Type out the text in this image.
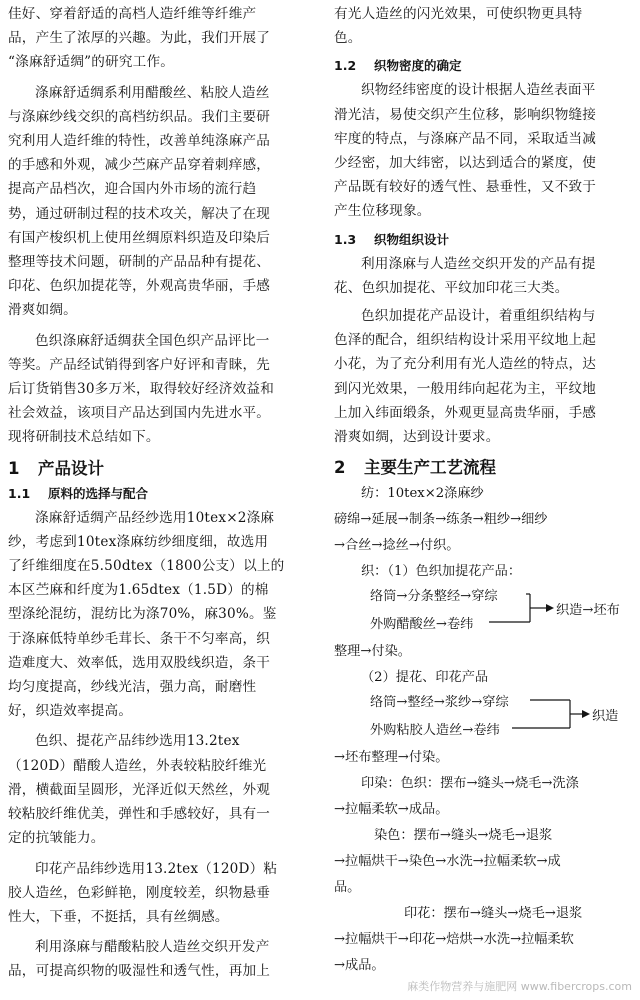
佳好、穿着舒适的高档人造纤维等纤维产
品，产生了浓厚的兴趣。为此，我们开展了
“涤麻舒适绸”的研究工作。
涤麻舒适绸系利用醋酸丝、粘胶人造丝
与涤麻纱线交织的高档纺织品。我们主要研
究利用人造纤维的特性，改善单纯涤麻产品
的手感和外观，减少苎麻产品穿着刺痒感，
提高产品档次，迎合国内外市场的流行趋
势，通过研制过程的技术攻关，解决了在现
有国产梭织机上使用丝绸原料织造及印染后
整理等技术问题，研制的产品品种有提花、
印花、色织加提花等，外观高贵华丽，手感
滑爽如绸。
色织涤麻舒适绸获全国色织产品评比一
等奖。产品经试销得到客户好评和青睐，先
后订货销售30多万米，取得较好经济效益和
社会效益，该项目产品达到国内先进水平。
现将研制技术总结如下。
1 产品设计
1.1 原料的选择与配合
涤麻舒适绸产品经纱选用10tex×2涤麻
纱，考虑到10tex涤麻纺纱细度细，故选用
了纤维细度在5.50dtex（1800公支）以上的
本区苎麻和纤度为1.65dtex（1.5D）的棉
型涤纶混纺，混纺比为涤70%，麻30%。鉴
于涤麻低特单纱毛茸长、条干不匀率高，织
造难度大、效率低，选用双股线织造，条干
均匀度提高，纱线光洁，强力高，耐磨性
好，织造效率提高。
色织、提花产品纬纱选用13.2tex
（120D）醋酸人造丝，外表较粘胶纤维光
滑，横截面呈圆形，光泽近似天然丝，外观
较粘胶纤维优美，弹性和手感较好，具有一
定的抗皱能力。
印花产品纬纱选用13.2tex（120D）粘
胶人造丝，色彩鲜艳，刚度较差，织物悬垂
性大，下垂，不挺括，具有丝绸感。
利用涤麻与醋酸粘胶人造丝交织开发产
品，可提高织物的吸湿性和透气性，再加上
有光人造丝的闪光效果，可使织物更具特
色。
1.2 织物密度的确定
织物经纬密度的设计根据人造丝表面平
滑光洁，易使交织产生位移，影响织物缝接
牢度的特点，与涤麻产品不同，采取适当减
少经密，加大纬密，以达到适合的紧度，使
产品既有较好的透气性、悬垂性，又不致于
产生位移现象。
1.3 织物组织设计
利用涤麻与人造丝交织开发的产品有提
花、色织加提花、平纹加印花三大类。
色织加提花产品设计，着重组织结构与
色泽的配合，组织结构设计采用平纹地上起
小花，为了充分利用有光人造丝的特点，达
到闪光效果，一般用纬向起花为主，平纹地
上加入纬面缎条，外观更显高贵华丽，手感
滑爽如绸，达到设计要求。
2 主要生产工艺流程
纺：10tex×2涤麻纱
磅绵→延展→制条→练条→粗纱→细纱
→合丝→捻丝→付织。
织：（1）色织加提花产品：
络筒→分条整经→穿综
外购醋酸丝→卷纬
织造→坯布
整理→付染。
（2）提花、印花产品
络筒→整经→浆纱→穿综
外购粘胶人造丝→卷纬
织造
→坯布整理→付染。
印染：色织：摆布→缝头→烧毛→洗涤
→拉幅柔软→成品。
染色：摆布→缝头→烧毛→退浆
→拉幅烘干→染色→水洗→拉幅柔软→成
品。
印花：摆布→缝头→烧毛→退浆
→拉幅烘干→印花→焙烘→水洗→拉幅柔软
→成品。
麻类作物营养与施肥网 www.fibercrops.com
